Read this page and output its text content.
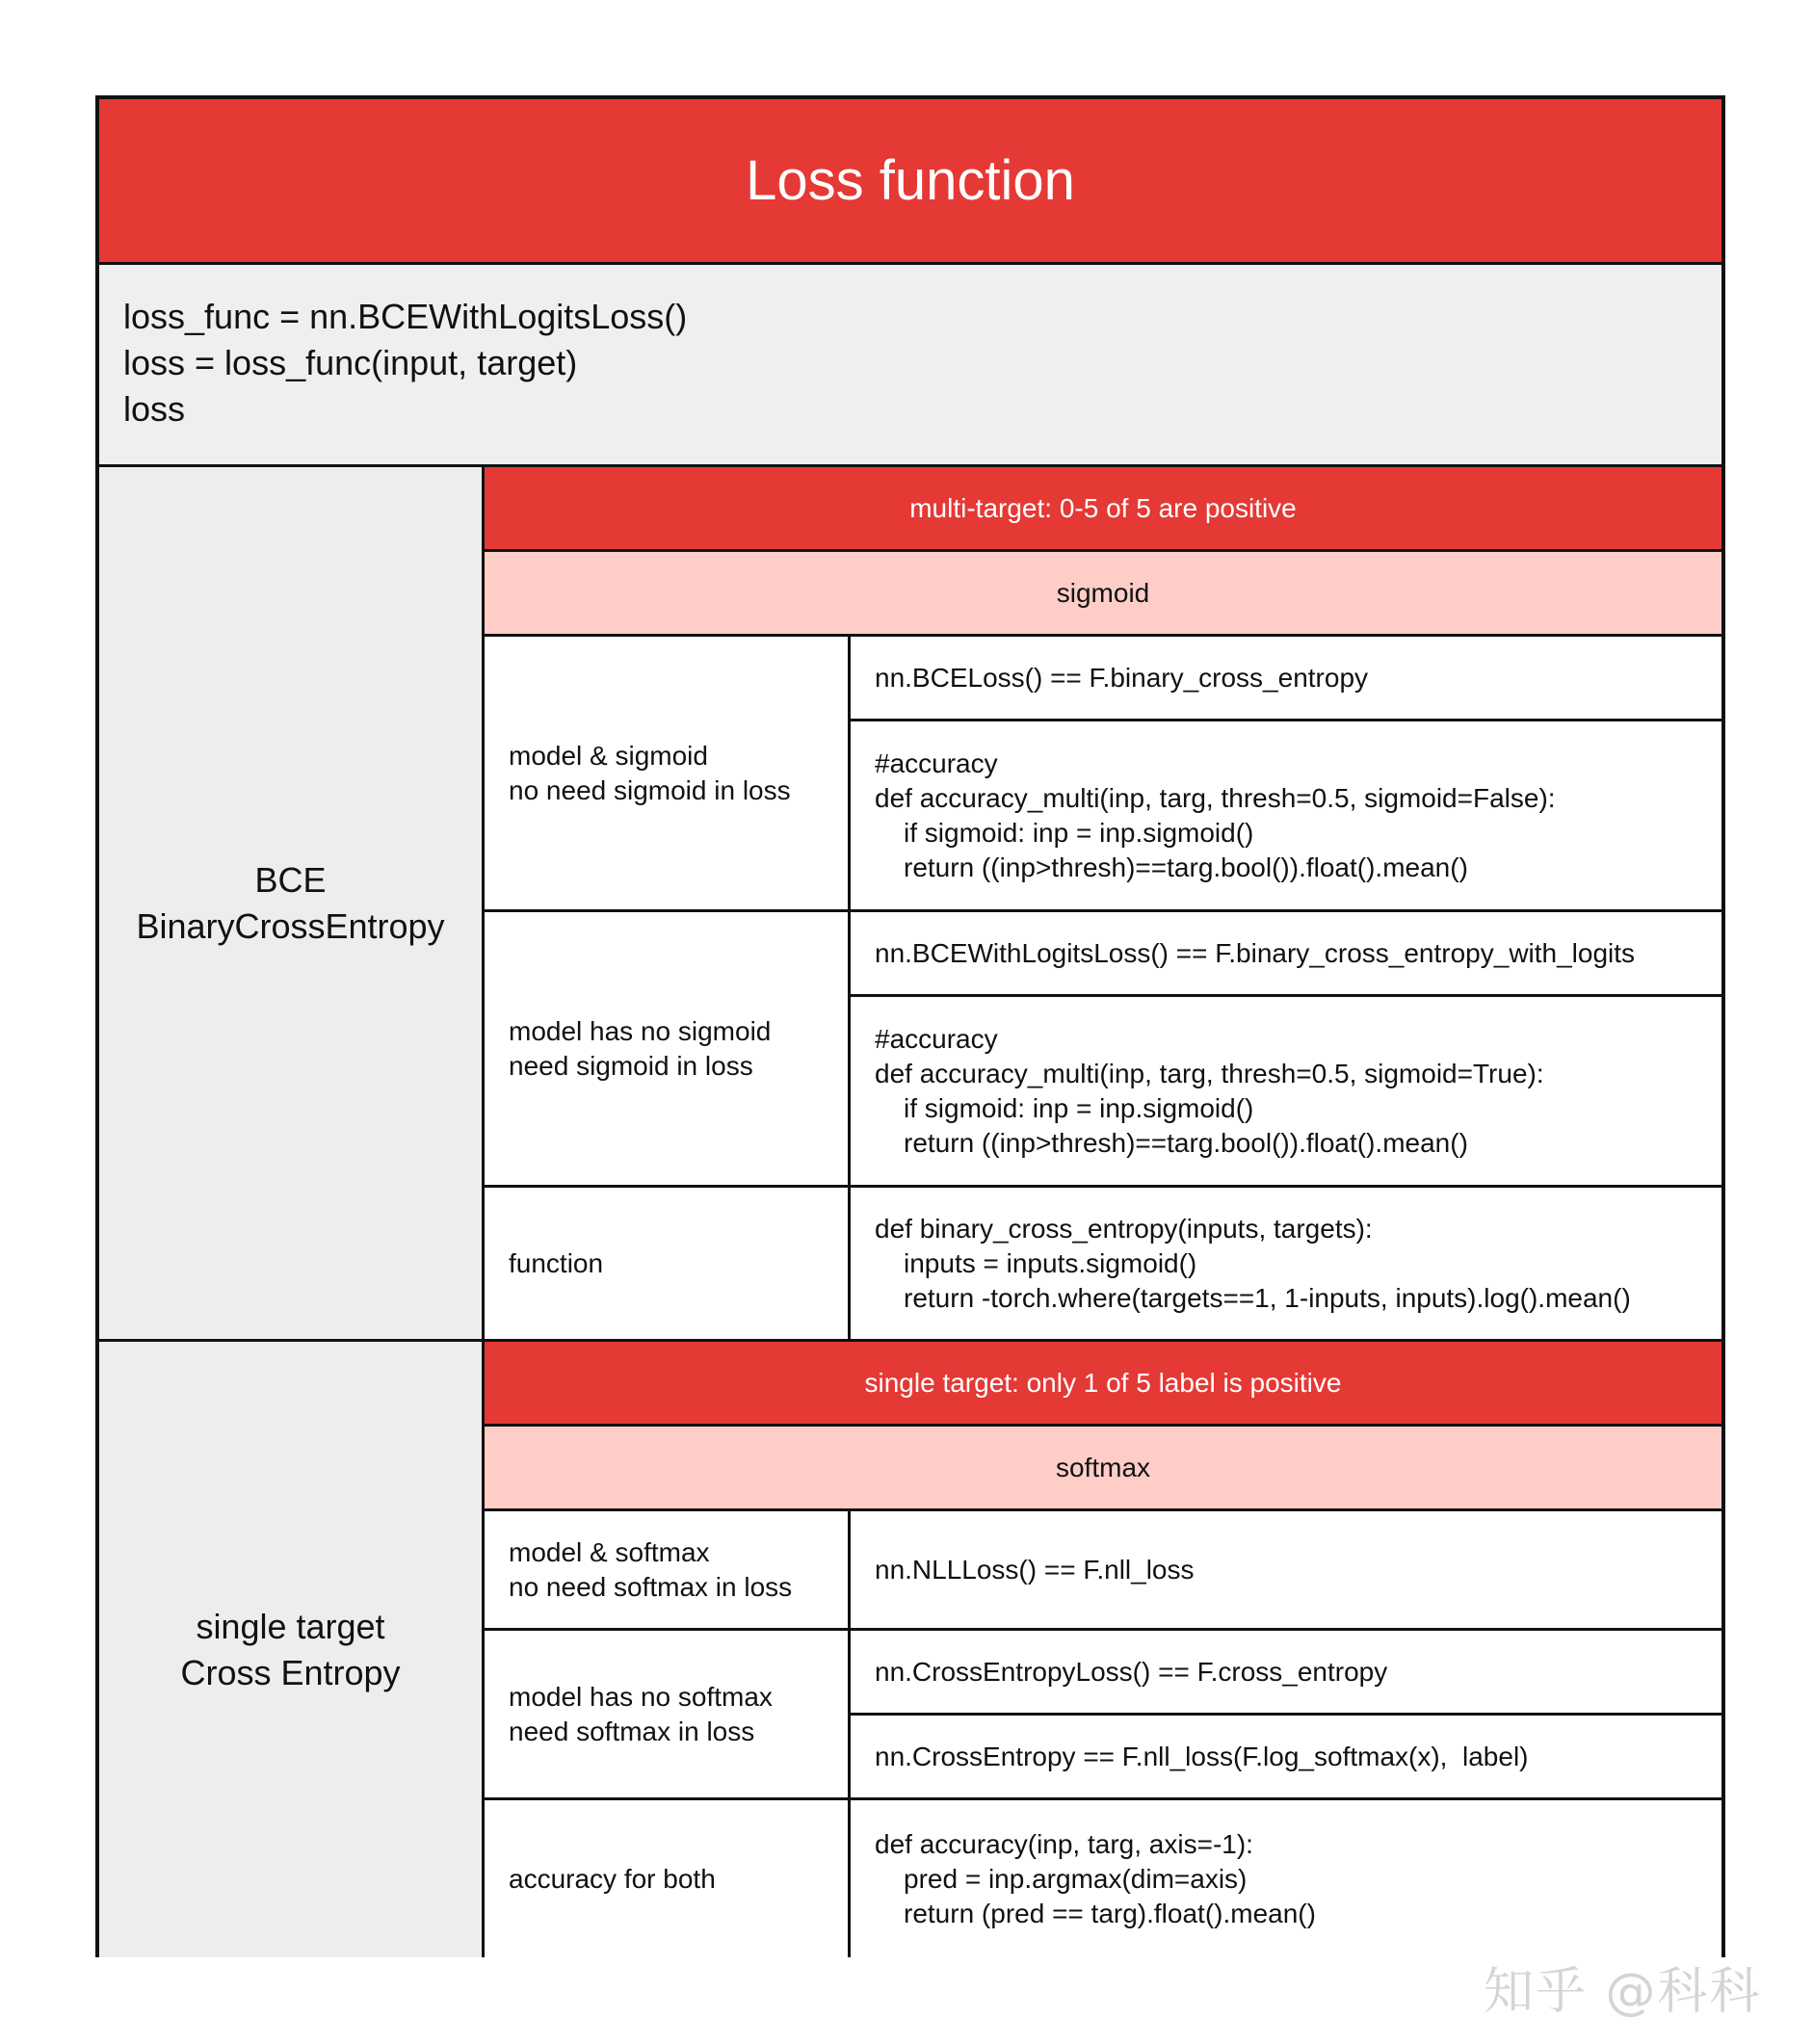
Loss function
loss_func = nn.BCEWithLogitsLoss()
loss = loss_func(input, target)
loss
BCE
BinaryCrossEntropy
multi-target: 0-5 of 5 are positive
sigmoid
model & sigmoid
no need sigmoid in loss
nn.BCELoss() == F.binary_cross_entropy
#accuracy
def accuracy_multi(inp, targ, thresh=0.5, sigmoid=False):
if sigmoid: inp = inp.sigmoid()
return ((inp>thresh)==targ.bool()).float().mean()
model has no sigmoid
need sigmoid in loss
nn.BCEWithLogitsLoss() == F.binary_cross_entropy_with_logits
#accuracy
def accuracy_multi(inp, targ, thresh=0.5, sigmoid=True):
if sigmoid: inp = inp.sigmoid()
return ((inp>thresh)==targ.bool()).float().mean()
function
def binary_cross_entropy(inputs, targets):
inputs = inputs.sigmoid()
return -torch.where(targets==1, 1-inputs, inputs).log().mean()
single target
Cross Entropy
single target: only 1 of 5 label is positive
softmax
model & softmax
no need softmax in loss
nn.NLLLoss() == F.nll_loss
model has no softmax
need softmax in loss
nn.CrossEntropyLoss() == F.cross_entropy
nn.CrossEntropy == F.nll_loss(F.log_softmax(x),  label)
accuracy for both
def accuracy(inp, targ, axis=-1):
pred = inp.argmax(dim=axis)
return (pred == targ).float().mean()
知乎 @科科
